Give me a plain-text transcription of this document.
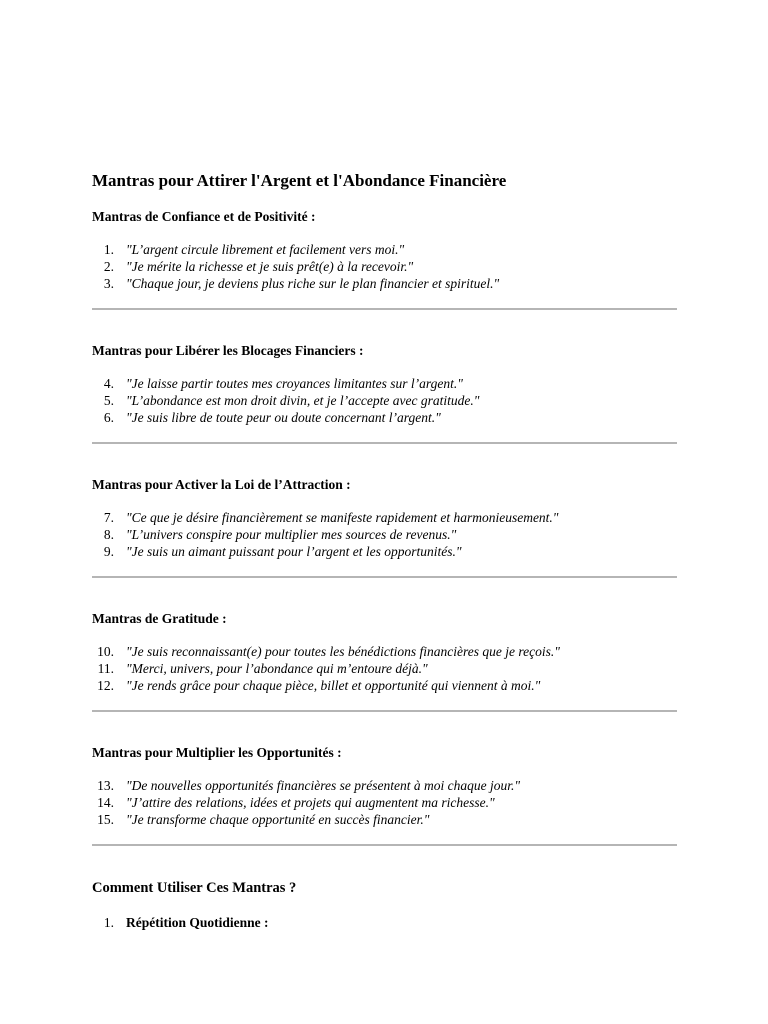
Mantras pour Attirer l'Argent et l'Abondance Financière
Mantras de Confiance et de Positivité :
1. "L’argent circule librement et facilement vers moi."
2. "Je mérite la richesse et je suis prêt(e) à la recevoir."
3. "Chaque jour, je deviens plus riche sur le plan financier et spirituel."
Mantras pour Libérer les Blocages Financiers :
4. "Je laisse partir toutes mes croyances limitantes sur l’argent."
5. "L’abondance est mon droit divin, et je l’accepte avec gratitude."
6. "Je suis libre de toute peur ou doute concernant l’argent."
Mantras pour Activer la Loi de l’Attraction :
7. "Ce que je désire financièrement se manifeste rapidement et harmonieusement."
8. "L’univers conspire pour multiplier mes sources de revenus."
9. "Je suis un aimant puissant pour l’argent et les opportunités."
Mantras de Gratitude :
10. "Je suis reconnaissant(e) pour toutes les bénédictions financières que je reçois."
11. "Merci, univers, pour l’abondance qui m’entoure déjà."
12. "Je rends grâce pour chaque pièce, billet et opportunité qui viennent à moi."
Mantras pour Multiplier les Opportunités :
13. "De nouvelles opportunités financières se présentent à moi chaque jour."
14. "J’attire des relations, idées et projets qui augmentent ma richesse."
15. "Je transforme chaque opportunité en succès financier."
Comment Utiliser Ces Mantras ?
1. Répétition Quotidienne :
